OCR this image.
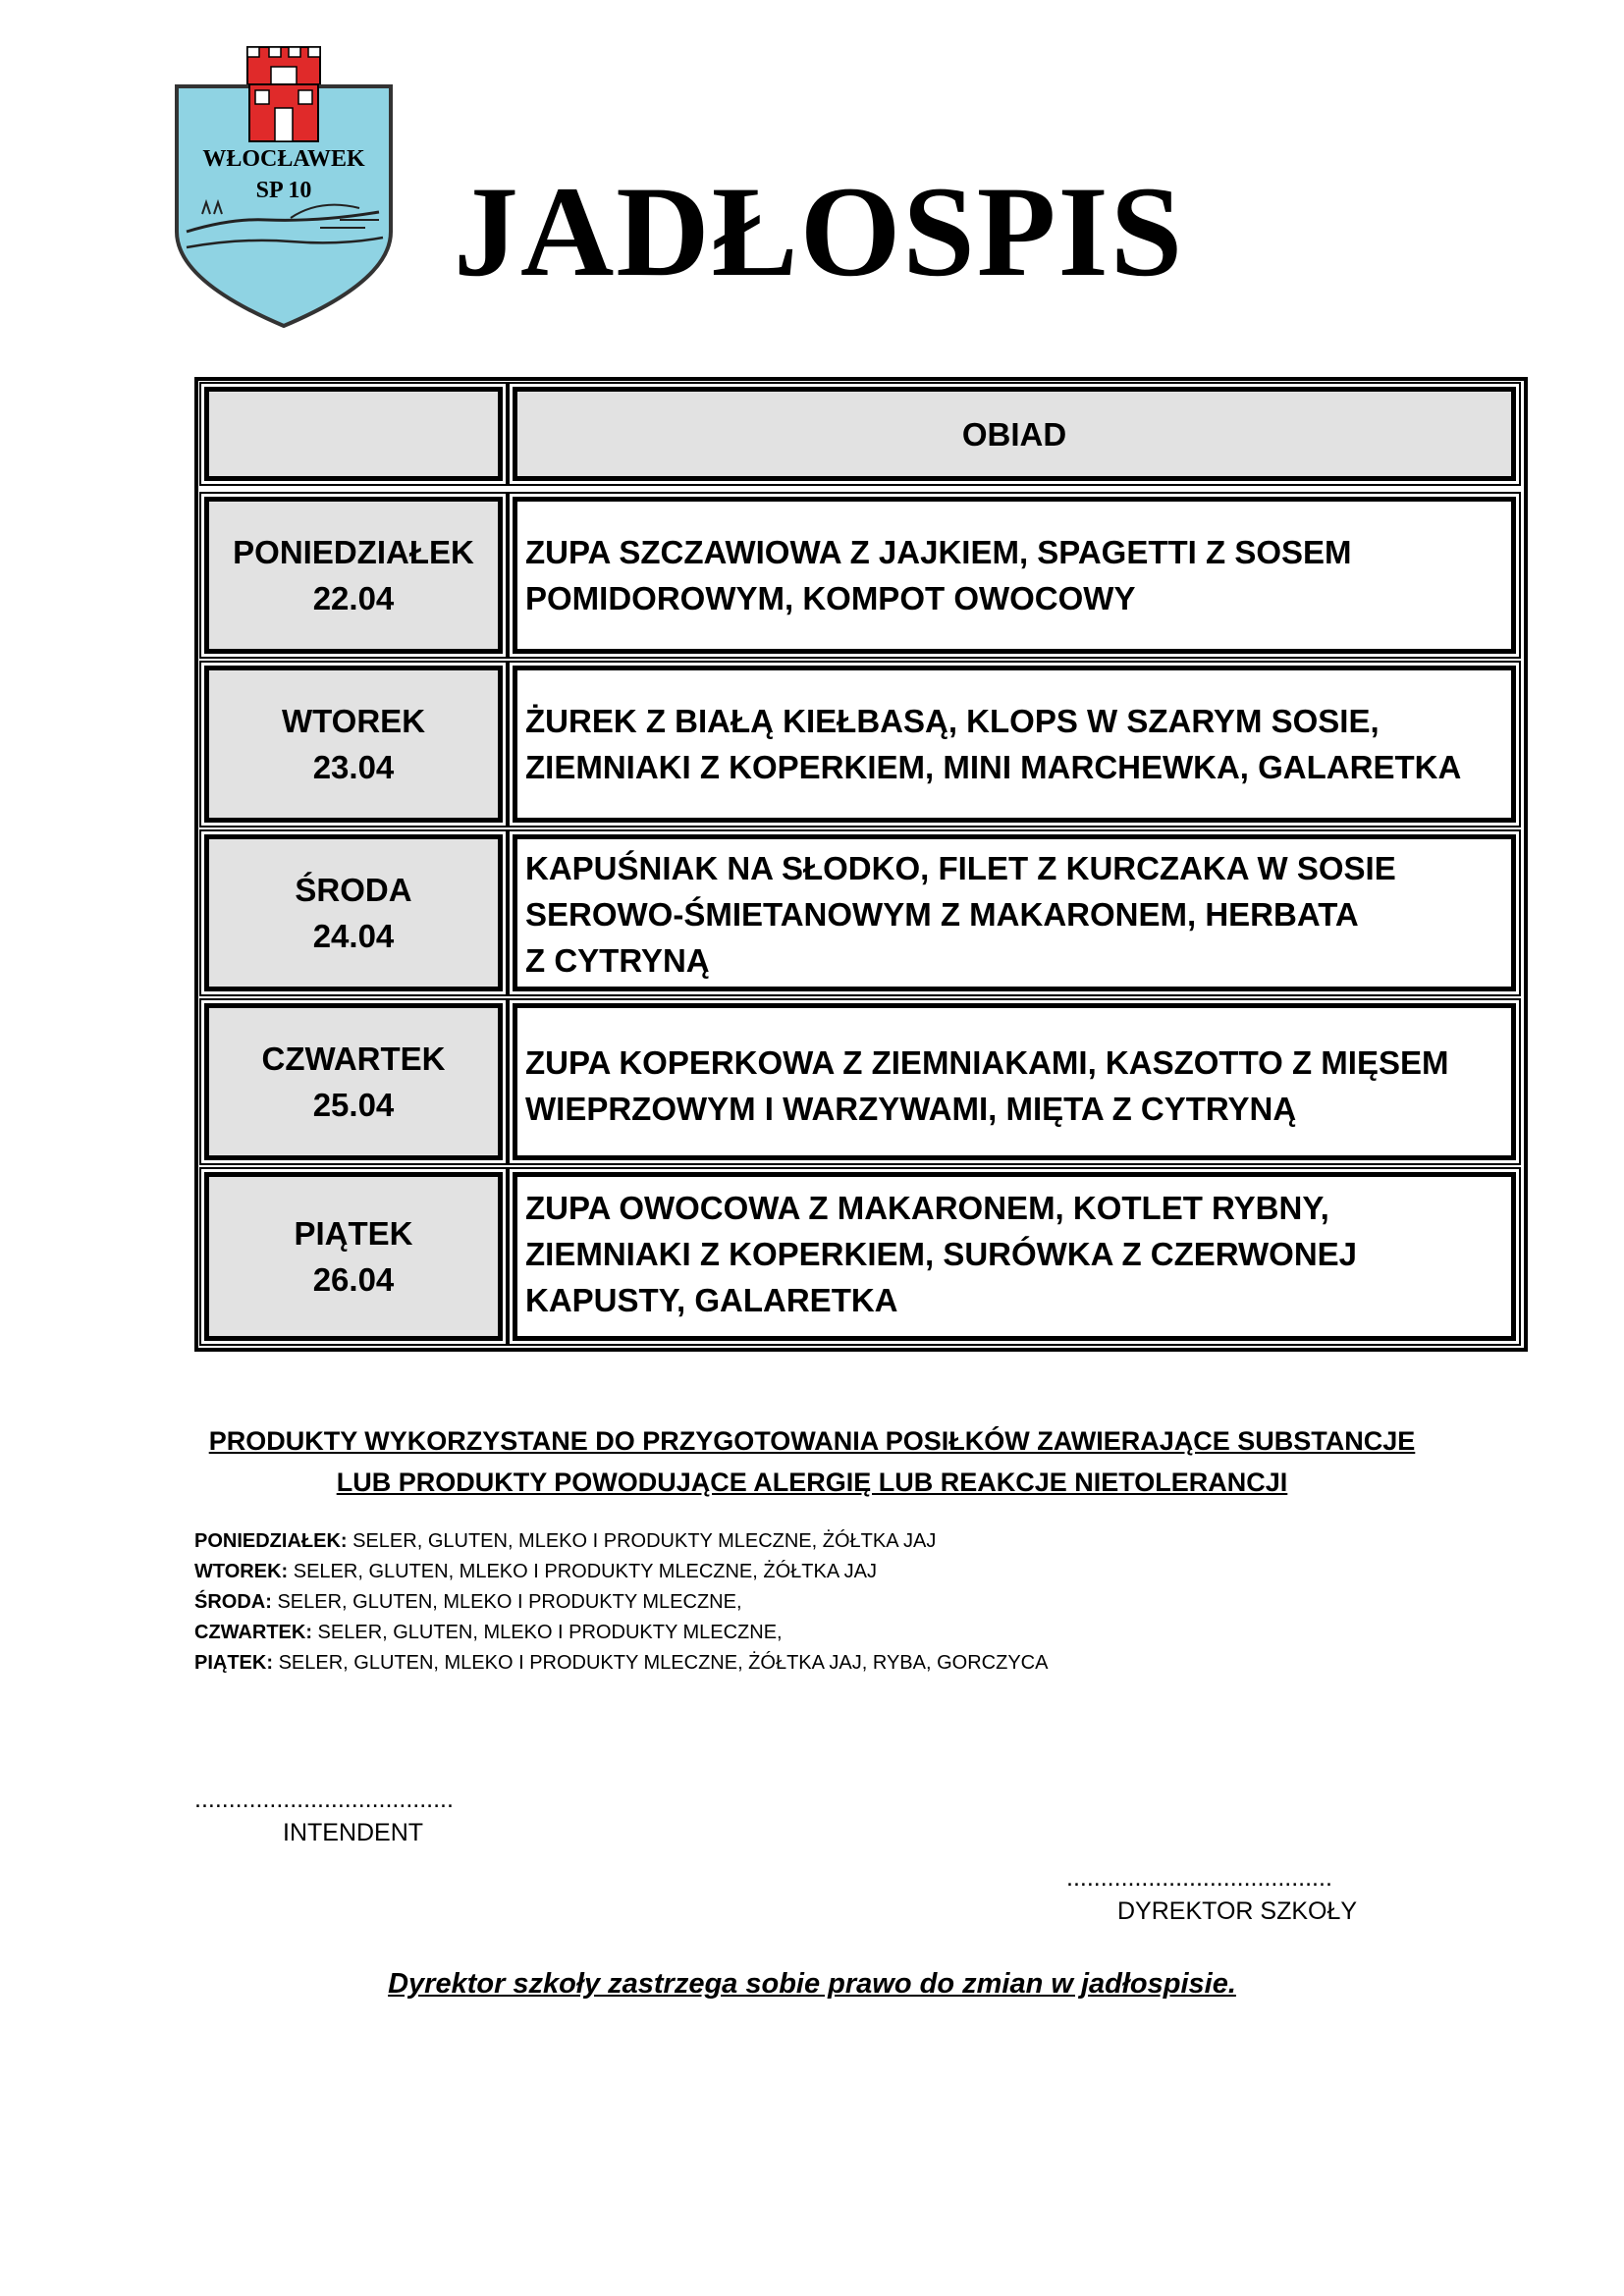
WŁOCŁAWEK
SP 10 JADŁOSPIS
OBIAD
PONIEDZIAŁEK
22.04
ZUPA SZCZAWIOWA Z JAJKIEM, SPAGETTI Z SOSEM
POMIDOROWYM, KOMPOT OWOCOWY
WTOREK
23.04
ŻUREK Z BIAŁĄ KIEŁBASĄ, KLOPS W SZARYM SOSIE,
ZIEMNIAKI Z KOPERKIEM, MINI MARCHEWKA, GALARETKA
ŚRODA
24.04
KAPUŚNIAK NA SŁODKO, FILET Z KURCZAKA W SOSIE
SEROWO-ŚMIETANOWYM Z MAKARONEM, HERBATA
Z CYTRYNĄ
CZWARTEK
25.04
ZUPA KOPERKOWA Z ZIEMNIAKAMI, KASZOTTO Z MIĘSEM
WIEPRZOWYM I WARZYWAMI, MIĘTA Z CYTRYNĄ
PIĄTEK
26.04
ZUPA OWOCOWA Z MAKARONEM, KOTLET RYBNY,
ZIEMNIAKI Z KOPERKIEM, SURÓWKA Z CZERWONEJ
KAPUSTY, GALARETKA
PRODUKTY WYKORZYSTANE DO PRZYGOTOWANIA POSIŁKÓW ZAWIERAJĄCE SUBSTANCJE
LUB PRODUKTY POWODUJĄCE ALERGIĘ LUB REAKCJE NIETOLERANCJI
PONIEDZIAŁEK: SELER, GLUTEN, MLEKO I PRODUKTY MLECZNE, ŻÓŁTKA JAJ
WTOREK: SELER, GLUTEN, MLEKO I PRODUKTY MLECZNE, ŻÓŁTKA JAJ
ŚRODA: SELER, GLUTEN, MLEKO I PRODUKTY MLECZNE,
CZWARTEK: SELER, GLUTEN, MLEKO I PRODUKTY MLECZNE,
PIĄTEK: SELER, GLUTEN, MLEKO I PRODUKTY MLECZNE, ŻÓŁTKA JAJ, RYBA, GORCZYCA
......................................
INTENDENT
.......................................
DYREKTOR SZKOŁY
Dyrektor szkoły zastrzega sobie prawo do zmian w jadłospisie.
